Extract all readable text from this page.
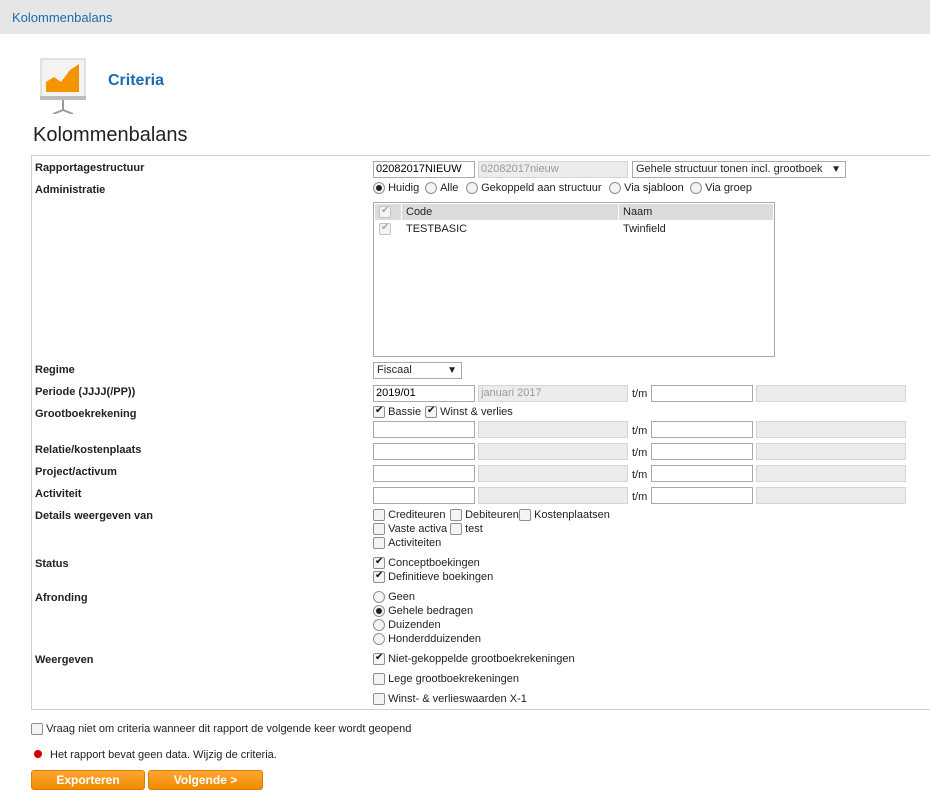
Kolommenbalans
Criteria
Kolommenbalans
Rapportagestructuur	02082017NIEUW	02082017nieuw	Gehele structuur tonen incl. grootboek ▼
Administratie	Huidig	Alle	Gekoppeld aan structuur	Via sjabloon	Via groep
✔
Code	Naam
✔
TESTBASIC	Twinfield
Regime	Fiscaal	▼
Periode (JJJJ(/PP))	2019/01	januari 2017	t/m
Grootboekrekening ✔	Bassie ✔	Winst & verlies
t/m
Relatie/kostenplaats	t/m
Project/activum	t/m
Activiteit	t/m
Details weergeven van	Crediteuren	Debiteuren	Kostenplaatsen
Vaste activa	test
Activiteiten
Status ✔	Conceptboekingen
✔ Definitieve boekingen
Afronding	Geen
Gehele bedragen
Duizenden
Honderdduizenden
Weergeven ✔	Niet-gekoppelde grootboekrekeningen
Lege grootboekrekeningen
Winst- & verlieswaarden X-1
Vraag niet om criteria wanneer dit rapport de volgende keer wordt geopend
Het rapport bevat geen data. Wijzig de criteria.
Exporteren	Volgende >
